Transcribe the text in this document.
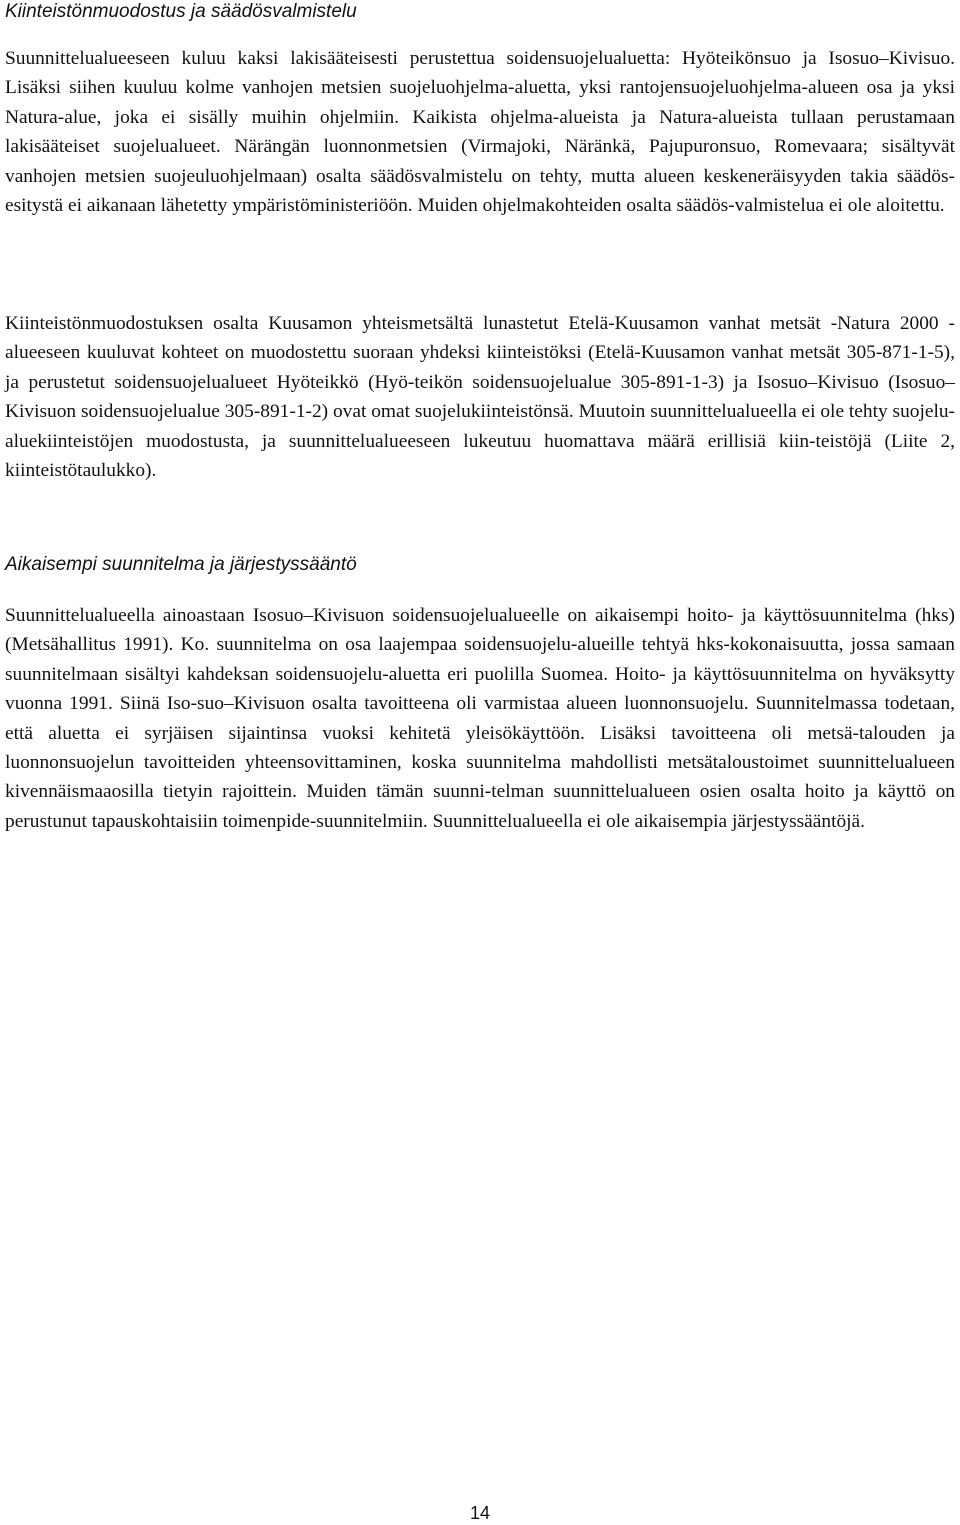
Kiinteistönmuodostus ja säädösvalmistelu

Suunnittelualueeseen kuluu kaksi lakisääteisesti perustettua soidensuojelualuetta: Hyöteikönsuo ja Isosuo–Kivisuo. Lisäksi siihen kuuluu kolme vanhojen metsien suojeluohjelma-aluetta, yksi rantojensuojeluohjelma-alueen osa ja yksi Natura-alue, joka ei sisälly muihin ohjelmiin. Kaikista ohjelma-alueista ja Natura-alueista tullaan perustamaan lakisääteiset suojelualueet. Närängän luonnonmetsien (Virmajoki, Näränkä, Pajupuronsuo, Romevaara; sisältyvät vanhojen metsien suojeuluohjelmaan) osalta säädösvalmistelu on tehty, mutta alueen keskeneräisyyden takia säädös-esitystä ei aikanaan lähetetty ympäristöministeriöön. Muiden ohjelmakohteiden osalta säädös-valmistelua ei ole aloitettu.

Kiinteistönmuodostuksen osalta Kuusamon yhteismetsältä lunastetut Etelä-Kuusamon vanhat metsät -Natura 2000 -alueeseen kuuluvat kohteet on muodostettu suoraan yhdeksi kiinteistöksi (Etelä-Kuusamon vanhat metsät 305-871-1-5), ja perustetut soidensuojelualueet Hyöteikkö (Hyö-teikön soidensuojelualue 305-891-1-3) ja Isosuo–Kivisuo (Isosuo–Kivisuon soidensuojelualue 305-891-1-2) ovat omat suojelukiinteistönsä. Muutoin suunnittelualueella ei ole tehty suojelu-aluekiinteistöjen muodostusta, ja suunnittelualueeseen lukeutuu huomattava määrä erillisiä kiin-teistöjä (Liite 2, kiinteistötaulukko).

Aikaisempi suunnitelma ja järjestyssääntö

Suunnittelualueella ainoastaan Isosuo–Kivisuon soidensuojelualueelle on aikaisempi hoito- ja käyttösuunnitelma (hks) (Metsähallitus 1991). Ko. suunnitelma on osa laajempaa soidensuojelu-alueille tehtyä hks-kokonaisuutta, jossa samaan suunnitelmaan sisältyi kahdeksan soidensuojelu-aluetta eri puolilla Suomea. Hoito- ja käyttösuunnitelma on hyväksytty vuonna 1991. Siinä Iso-suo–Kivisuon osalta tavoitteena oli varmistaa alueen luonnonsuojelu. Suunnitelmassa todetaan, että aluetta ei syrjäisen sijaintinsa vuoksi kehitetä yleisökäyttöön. Lisäksi tavoitteena oli metsä-talouden ja luonnonsuojelun tavoitteiden yhteensovittaminen, koska suunnitelma mahdollisti metsätaloustoimet suunnittelualueen kivennäismaaosilla tietyin rajoittein. Muiden tämän suunni-telman suunnittelualueen osien osalta hoito ja käyttö on perustunut tapauskohtaisiin toimenpide-suunnitelmiin. Suunnittelualueella ei ole aikaisempia järjestyssääntöjä.

14
